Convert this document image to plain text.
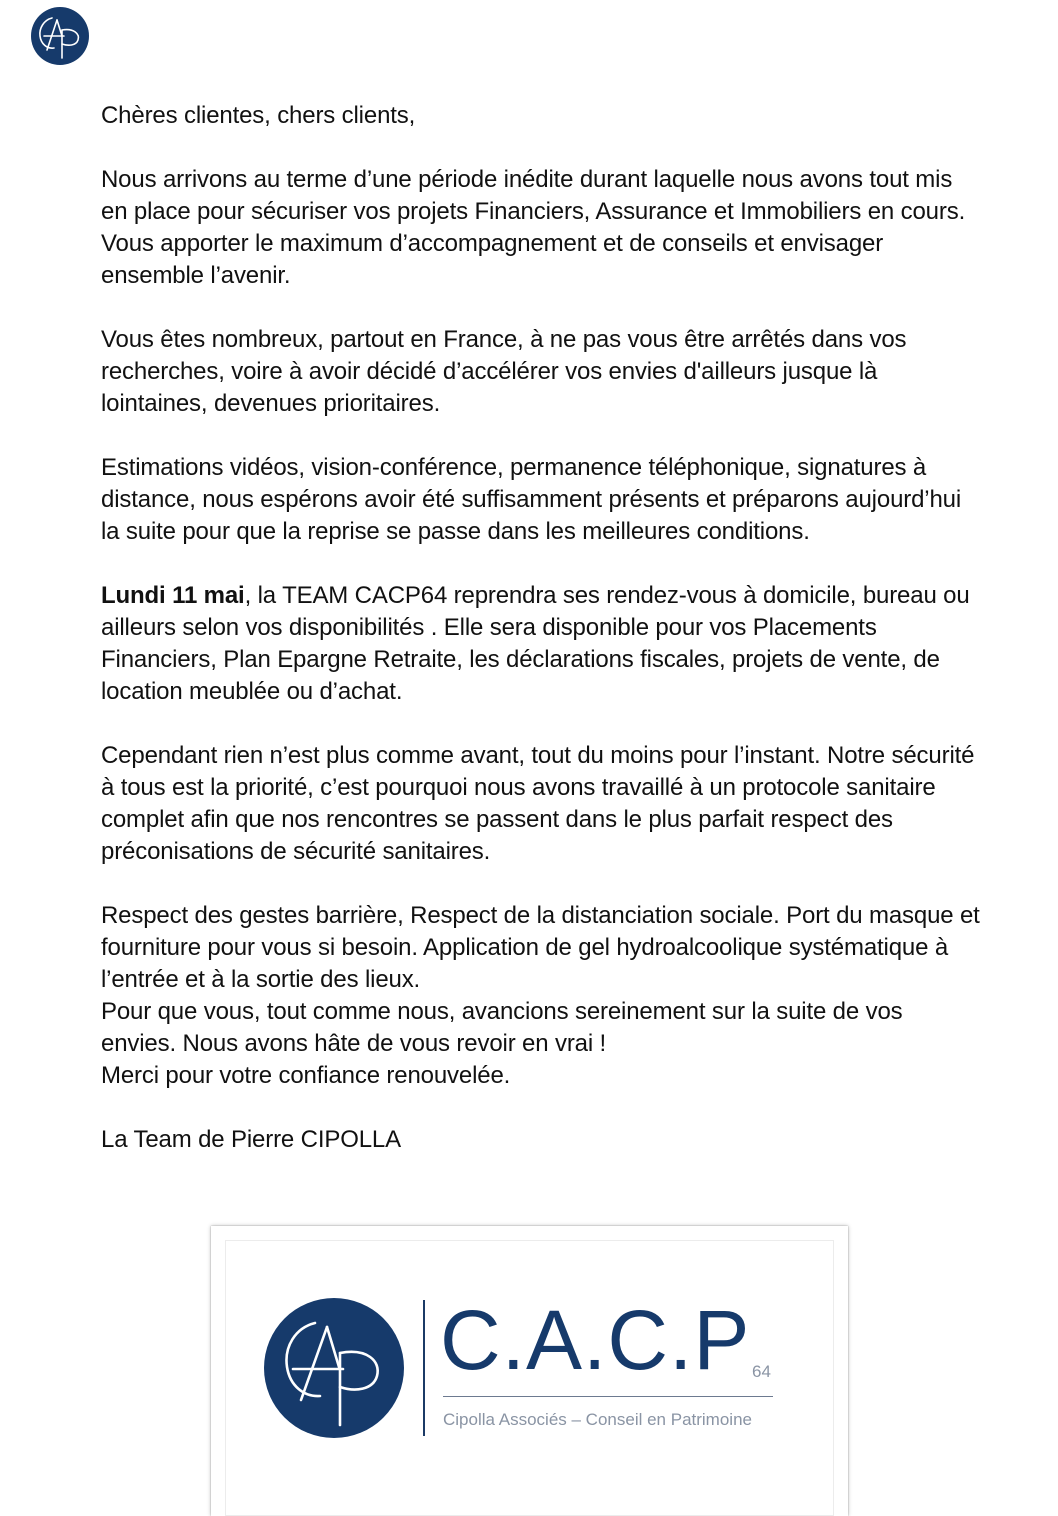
Chères clientes, chers clients,

Nous arrivons au terme d’une période inédite durant laquelle nous avons tout mis en place pour sécuriser vos projets Financiers, Assurance et Immobiliers en cours. Vous apporter le maximum d’accompagnement et de conseils et envisager ensemble l’avenir.

Vous êtes nombreux, partout en France, à ne pas vous être arrêtés dans vos recherches, voire à avoir décidé d’accélérer vos envies d'ailleurs jusque là lointaines, devenues prioritaires.

Estimations vidéos, vision-conférence, permanence téléphonique, signatures à distance, nous espérons avoir été suffisamment présents et préparons aujourd’hui la suite pour que la reprise se passe dans les meilleures conditions.

Lundi 11 mai, la TEAM CACP64 reprendra ses rendez-vous à domicile, bureau ou ailleurs selon vos disponibilités . Elle sera disponible pour vos Placements Financiers, Plan Epargne Retraite, les déclarations fiscales, projets de vente, de location meublée ou d’achat.

Cependant rien n’est plus comme avant, tout du moins pour l’instant. Notre sécurité à tous est la priorité, c’est pourquoi nous avons travaillé à un protocole sanitaire complet afin que nos rencontres se passent dans le plus parfait respect des préconisations de sécurité sanitaires.

Respect des gestes barrière, Respect de la distanciation sociale. Port du masque et fourniture pour vous si besoin. Application de gel hydroalcoolique systématique à l’entrée et à la sortie des lieux.

Pour que vous, tout comme nous, avancions sereinement sur la suite de vos envies. Nous avons hâte de vous revoir en vrai !

Merci pour votre confiance renouvelée.

La Team de Pierre CIPOLLA

C.A.C.P 64
Cipolla Associés – Conseil en Patrimoine
